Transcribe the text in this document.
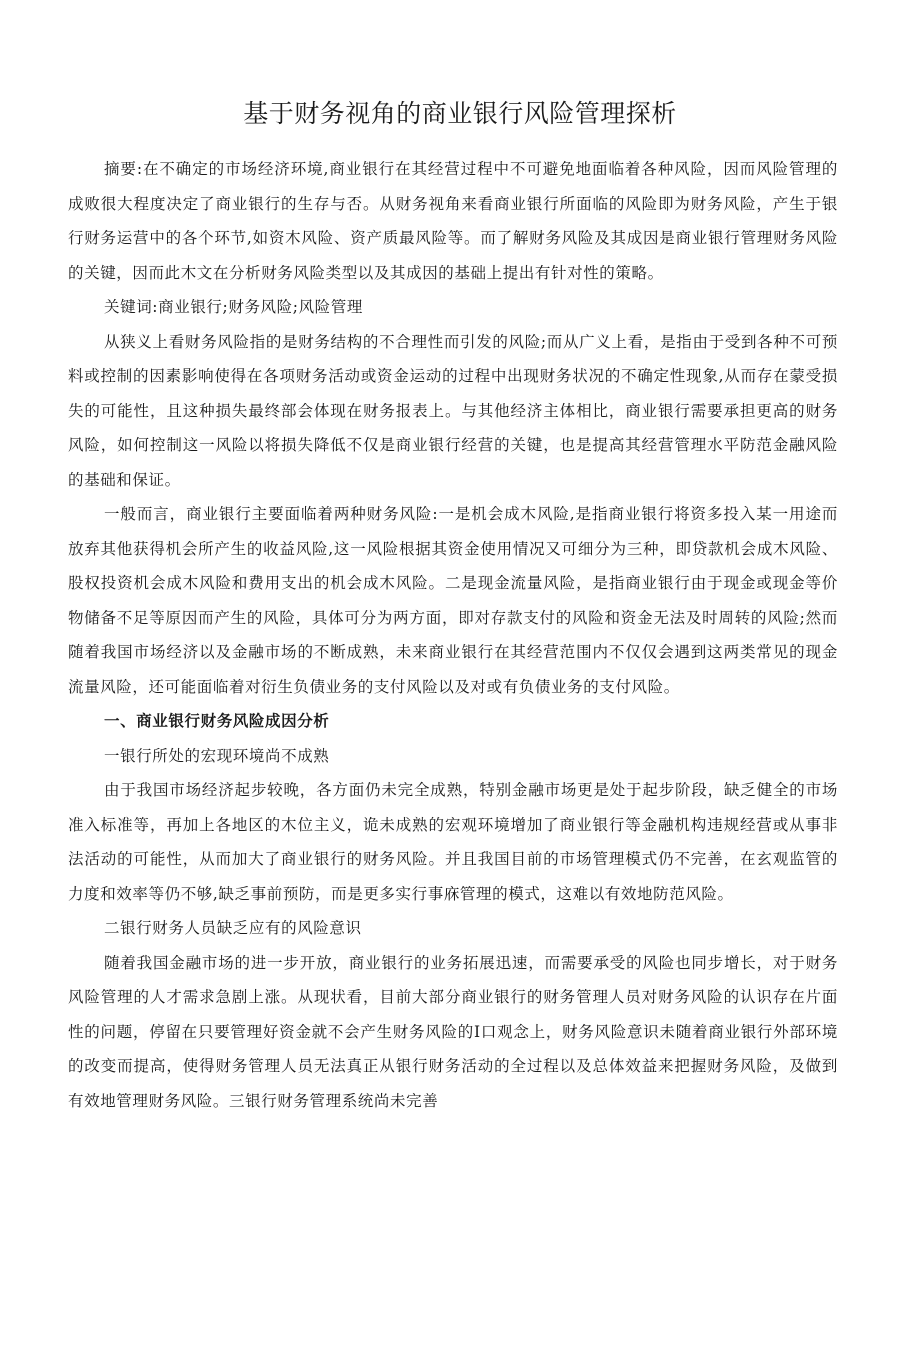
基于财务视角的商业银行风险管理探析

摘要:在不确定的市场经济环境,商业银行在其经营过程中不可避免地面临着各种风险，因而风险管理的成败很大程度决定了商业银行的生存与否。从财务视角来看商业银行所面临的风险即为财务风险，产生于银行财务运营中的各个环节,如资木风险、资产质最风险等。而了解财务风险及其成因是商业银行管理财务风险的关键，因而此木文在分析财务风险类型以及其成因的基础上提出有针对性的策略。

关键词:商业银行;财务风险;风险管理

从狭义上看财务风险指的是财务结构的不合理性而引发的风险;而从广义上看，是指由于受到各种不可预料或控制的因素影响使得在各项财务活动或资金运动的过程中出现财务状况的不确定性现象,从而存在蒙受损失的可能性，且这种损失最终部会体现在财务报表上。与其他经济主体相比，商业银行需要承担更高的财务风险，如何控制这一风险以将损失降低不仅是商业银行经营的关键，也是提高其经营管理水平防范金融风险的基础和保证。

一般而言，商业银行主要面临着两种财务风险:一是机会成木风险,是指商业银行将资多投入某一用途而放弃其他获得机会所产生的收益风险,这一风险根据其资金使用情况又可细分为三种，即贷款机会成木风险、股权投资机会成木风险和费用支出的机会成木风险。二是现金流量风险，是指商业银行由于现金或现金等价物储备不足等原因而产生的风险，具体可分为两方面，即对存款支付的风险和资金无法及时周转的风险;然而随着我国市场经济以及金融市场的不断成熟，未来商业银行在其经营范围内不仅仅会遇到这两类常见的现金流量风险，还可能面临着对衍生负债业务的支付风险以及对或有负债业务的支付风险。

一、商业银行财务风险成因分析

一银行所处的宏现环境尚不成熟

由于我国市场经济起步较晚，各方面仍未完全成熟，特别金融市场更是处于起步阶段，缺乏健全的市场准入标准等，再加上各地区的木位主义，诡未成熟的宏观环境增加了商业银行等金融机构违规经营或从事非法活动的可能性，从而加大了商业银行的财务风险。并且我国目前的市场管理模式仍不完善，在玄观监管的力度和效率等仍不够,缺乏事前预防，而是更多实行事庥管理的模式，这难以有效地防范风险。

二银行财务人员缺乏应有的风险意识

随着我国金融市场的进一步开放，商业银行的业务拓展迅速，而需要承受的风险也同步增长，对于财务风险管理的人才需求急剧上涨。从现状看，目前大部分商业银行的财务管理人员对财务风险的认识存在片面性的问题，停留在只要管理好资金就不会产生财务风险的I口观念上，财务风险意识未随着商业银行外部环境的改变而提高，使得财务管理人员无法真正从银行财务活动的全过程以及总体效益来把握财务风险，及做到有效地管理财务风险。三银行财务管理系统尚未完善
